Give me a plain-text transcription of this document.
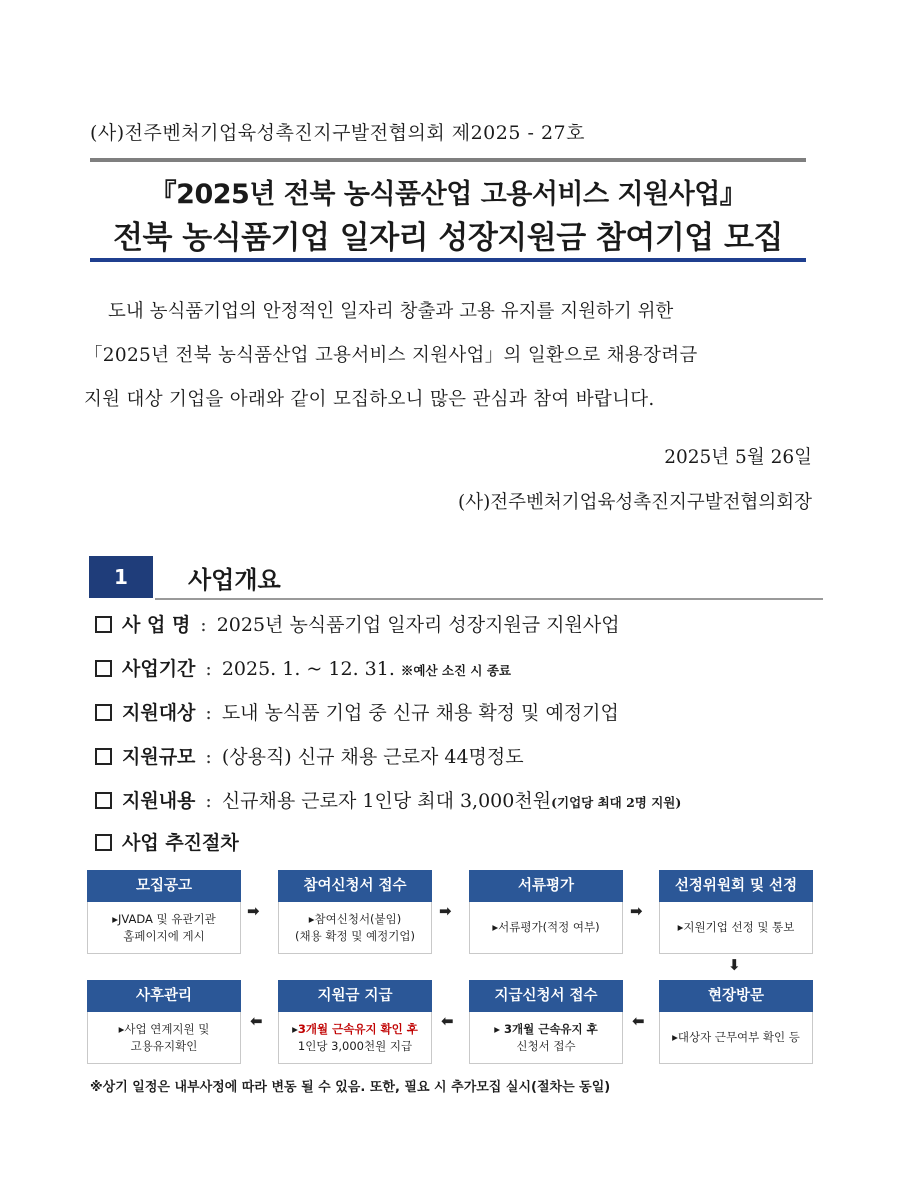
(사)전주벤처기업육성촉진지구발전협의회 제2025 - 27호
『2025년 전북 농식품산업 고용서비스 지원사업』
전북 농식품기업 일자리 성장지원금 참여기업 모집
도내 농식품기업의 안정적인 일자리 창출과 고용 유지를 지원하기 위한
「2025년 전북 농식품산업 고용서비스 지원사업」의 일환으로 채용장려금
지원 대상 기업을 아래와 같이 모집하오니 많은 관심과 참여 바랍니다.
2025년 5월 26일
(사)전주벤처기업육성촉진지구발전협의회장
1	사업개요
사 업 명 : 2025년 농식품기업 일자리 성장지원금 지원사업
사업기간 : 2025. 1. ~ 12. 31. ※예산 소진 시 종료
지원대상 : 도내 농식품 기업 중 신규 채용 확정 및 예정기업
지원규모 : (상용직) 신규 채용 근로자 44명정도
지원내용 : 신규채용 근로자 1인당 최대 3,000천원(기업당 최대 2명 지원)
사업 추진절차
모집공고
▸JVADA 및 유관기관
홈페이지에 게시
➡
참여신청서 접수
▸참여신청서(붙임)
(채용 확정 및 예정기업)
➡
서류평가
▸서류평가(적정 여부)
➡
선정위원회 및 선정
▸지원기업 선정 및 통보
⬇
사후관리
▸사업 연계지원 및
고용유지확인
⬅
지원금 지급
▸3개월 근속유지 확인 후
1인당 3,000천원 지급
⬅
지급신청서 접수
▸ 3개월 근속유지 후
신청서 접수
⬅
현장방문
▸대상자 근무여부 확인 등
※상기 일정은 내부사정에 따라 변동 될 수 있음. 또한, 필요 시 추가모집 실시(절차는 동일)
